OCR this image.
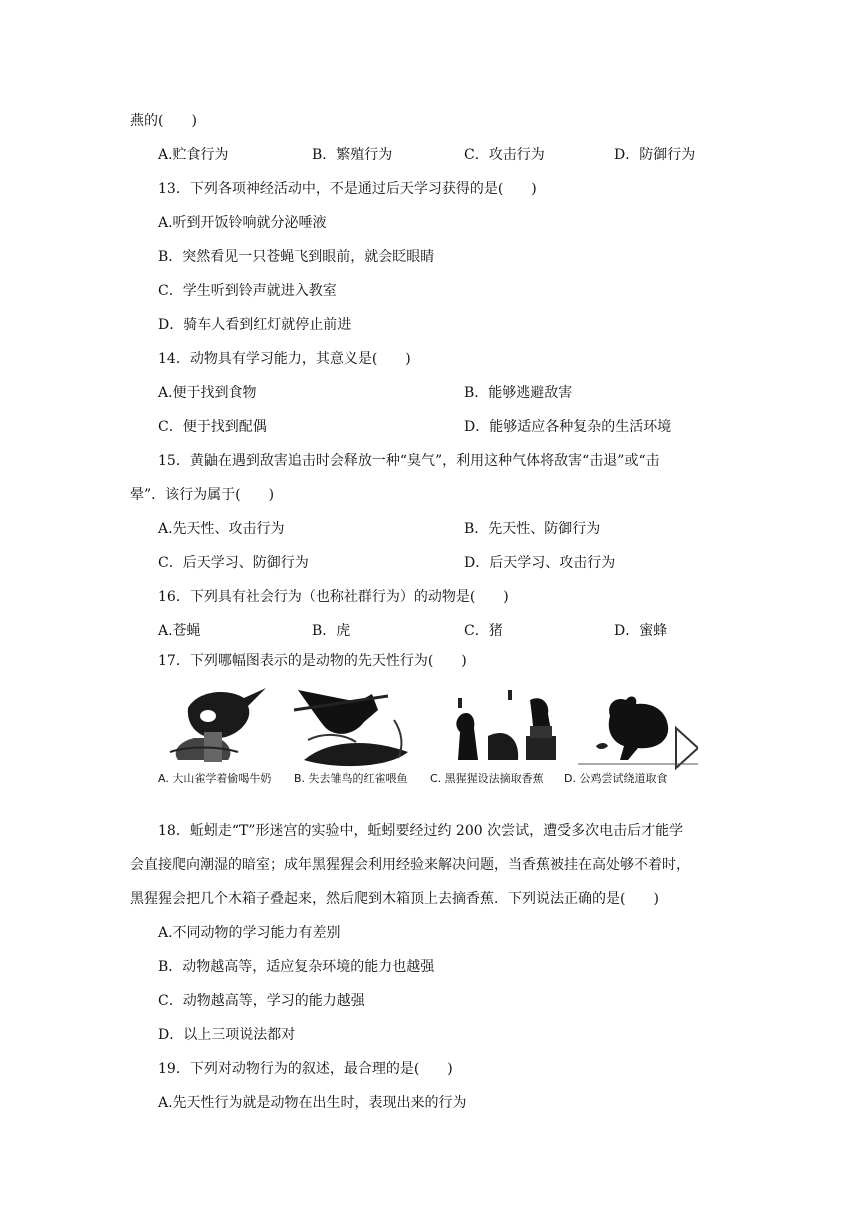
燕的(　　)
A.贮食行为	B．繁殖行为	C．攻击行为	D．防御行为
13．下列各项神经活动中，不是通过后天学习获得的是(　　)
A.听到开饭铃响就分泌唾液
B．突然看见一只苍蝇飞到眼前，就会眨眼睛
C．学生听到铃声就进入教室
D．骑车人看到红灯就停止前进
14．动物具有学习能力，其意义是(　　)
A.便于找到食物	B．能够逃避敌害
C．便于找到配偶	D．能够适应各种复杂的生活环境
15．黄鼬在遇到敌害追击时会释放一种“臭气”，利用这种气体将敌害“击退”或“击
晕”．该行为属于(　　)
A.先天性、攻击行为	B．先天性、防御行为
C．后天学习、防御行为	D．后天学习、攻击行为
16．下列具有社会行为（也称社群行为）的动物是(　　)
A.苍蝇	B．虎	C．猪	D．蜜蜂
17．下列哪幅图表示的是动物的先天性行为(　　)
A. 大山雀学着偷喝牛奶 B. 失去雏鸟的红雀喂鱼 C. 黑猩猩设法摘取香蕉 D. 公鸡尝试绕道取食
18．蚯蚓走“T”形迷宫的实验中，蚯蚓要经过约 200 次尝试，遭受多次电击后才能学
会直接爬向潮湿的暗室；成年黑猩猩会利用经验来解决问题，当香蕉被挂在高处够不着时，
黑猩猩会把几个木箱子叠起来，然后爬到木箱顶上去摘香蕉．下列说法正确的是(　　)
A.不同动物的学习能力有差别
B．动物越高等，适应复杂环境的能力也越强
C．动物越高等，学习的能力越强
D．以上三项说法都对
19．下列对动物行为的叙述，最合理的是(　　)
A.先天性行为就是动物在出生时，表现出来的行为
